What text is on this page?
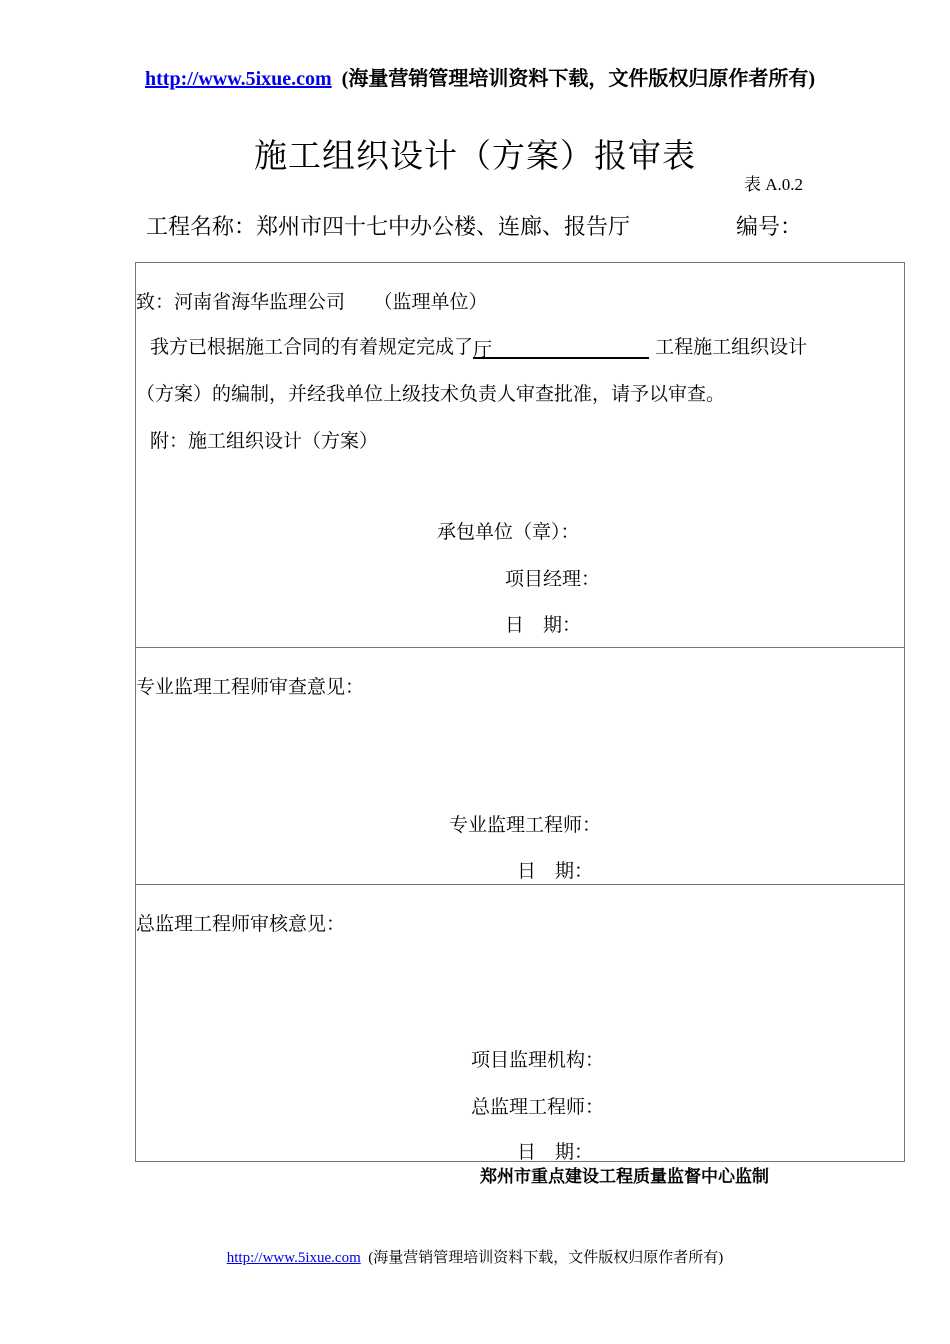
http://www.5ixue.com (海量营销管理培训资料下载，文件版权归原作者所有)
施工组织设计（方案）报审表
表 A.0.2
工程名称：郑州市四十七中办公楼、连廊、报告厅	编号：
致：河南省海华监理公司　　（监理单位）
我方已根据施工合同的有着规定完成了厅	工程施工组织设计
（方案）的编制，并经我单位上级技术负责人审查批准，请予以审查。
附：施工组织设计（方案）
承包单位（章）：
项目经理：
日　期：

专业监理工程师审查意见：
专业监理工程师：
日　期：

总监理工程师审核意见：
项目监理机构：
总监理工程师：
日　期：
郑州市重点建设工程质量监督中心监制
http://www.5ixue.com (海量营销管理培训资料下载，文件版权归原作者所有)
